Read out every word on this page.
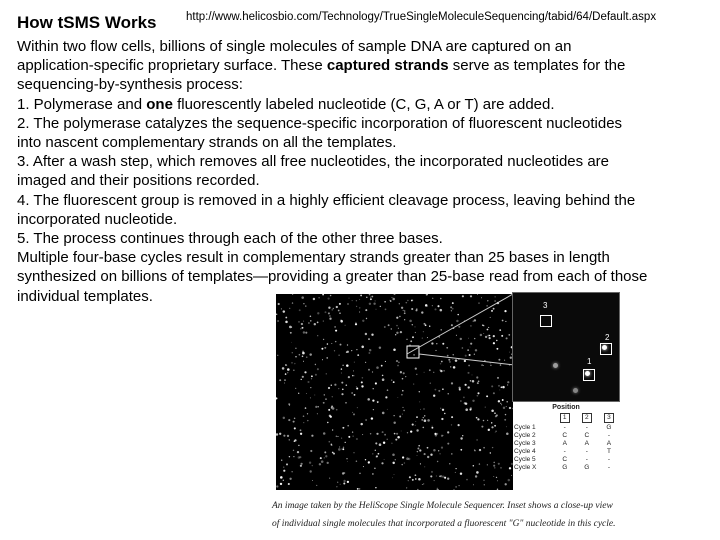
How tSMS Works	http://www.helicosbio.com/Technology/TrueSingleMoleculeSequencing/tabid/64/Default.aspx
Within two flow cells, billions of single molecules of sample DNA are captured on an
application-specific proprietary surface. These captured strands serve as templates for the
sequencing-by-synthesis process:
1. Polymerase and one fluorescently labeled nucleotide (C, G, A or T) are added.
2. The polymerase catalyzes the sequence-specific incorporation of fluorescent nucleotides
into nascent complementary strands on all the templates.
3. After a wash step, which removes all free nucleotides, the incorporated nucleotides are
imaged and their positions recorded.
4. The fluorescent group is removed in a highly efficient cleavage process, leaving behind the
incorporated nucleotide.
5. The process continues through each of the other three bases.
Multiple four-base cycles result in complementary strands greater than 25 bases in length
synthesized on billions of templates—providing a greater than 25-base read from each of those
individual templates.
3
2
1
Position
	1	2	3
Cycle 1	-	-	G
Cycle 2	C	C	-
Cycle 3	A	A	A
Cycle 4	-	-	T
Cycle 5	C	-	-
Cycle X	G	G	-
An image taken by the HeliScope Single Molecule Sequencer. Inset shows a close-up view
of individual single molecules that incorporated a fluorescent "G" nucleotide in this cycle.
